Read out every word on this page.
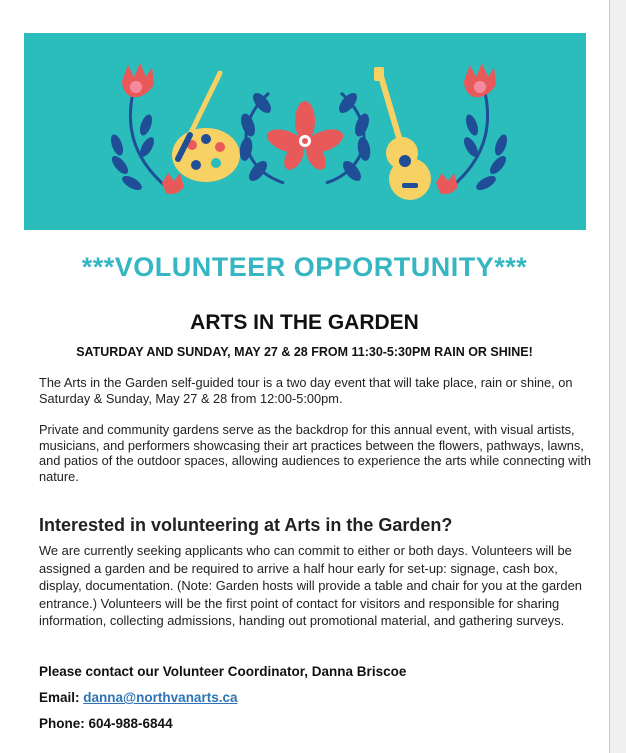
***VOLUNTEER OPPORTUNITY***
ARTS IN THE GARDEN
SATURDAY AND SUNDAY, MAY 27 & 28 FROM 11:30-5:30PM RAIN OR SHINE!

The Arts in the Garden self-guided tour is a two day event that will take place, rain or shine, on Saturday & Sunday, May 27 & 28 from 12:00-5:00pm.

Private and community gardens serve as the backdrop for this annual event, with visual artists, musicians, and performers showcasing their art practices between the flowers, pathways, lawns, and patios of the outdoor spaces, allowing audiences to experience the arts while connecting with nature.

Interested in volunteering at Arts in the Garden?

We are currently seeking applicants who can commit to either or both days. Volunteers will be assigned a garden and be required to arrive a half hour early for set-up: signage, cash box, display, documentation. (Note: Garden hosts will provide a table and chair for you at the garden entrance.) Volunteers will be the first point of contact for visitors and responsible for sharing information, collecting admissions, handing out promotional material, and gathering surveys.

Please contact our Volunteer Coordinator, Danna Briscoe
Email: danna@northvanarts.ca
Phone: 604-988-6844
